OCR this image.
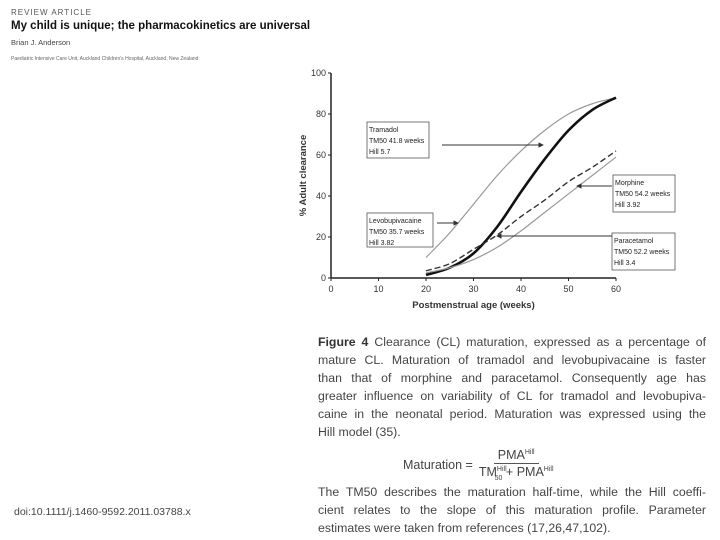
REVIEW ARTICLE
My child is unique; the pharmacokinetics are universal
Brian J. Anderson
Paediatric Intensive Care Unit, Auckland Children's Hospital, Auckland, New Zealand
0	10	20	30	40	50	60
0
20
40
60
80
100
Postmenstrual age (weeks)
% Adult clearance
Tramadol
TM50 41.8 weeks
Hill 5.7
Levobupivacaine
TM50 35.7 weeks
Hill 3.82
Morphine
TM50 54.2 weeks
Hill 3.92
Paracetamol
TM50 52.2 weeks
Hill 3.4
Figure 4 Clearance (CL) maturation, expressed as a percentage of
mature CL. Maturation of tramadol and levobupivacaine is faster
than that of morphine and paracetamol. Consequently age has
greater influence on variability of CL for tramadol and levobupiva-
caine in the neonatal period. Maturation was expressed using the
Hill model (35).
Maturation = $\frac{PMA^{Hill}}{TM^{Hill}_{50} + PMA^{Hill}}$
The TM50 describes the maturation half-time, while the Hill coeffi-
cient relates to the slope of this maturation profile. Parameter
estimates were taken from references (17,26,47,102).
doi:10.1111/j.1460-9592.2011.03788.x
